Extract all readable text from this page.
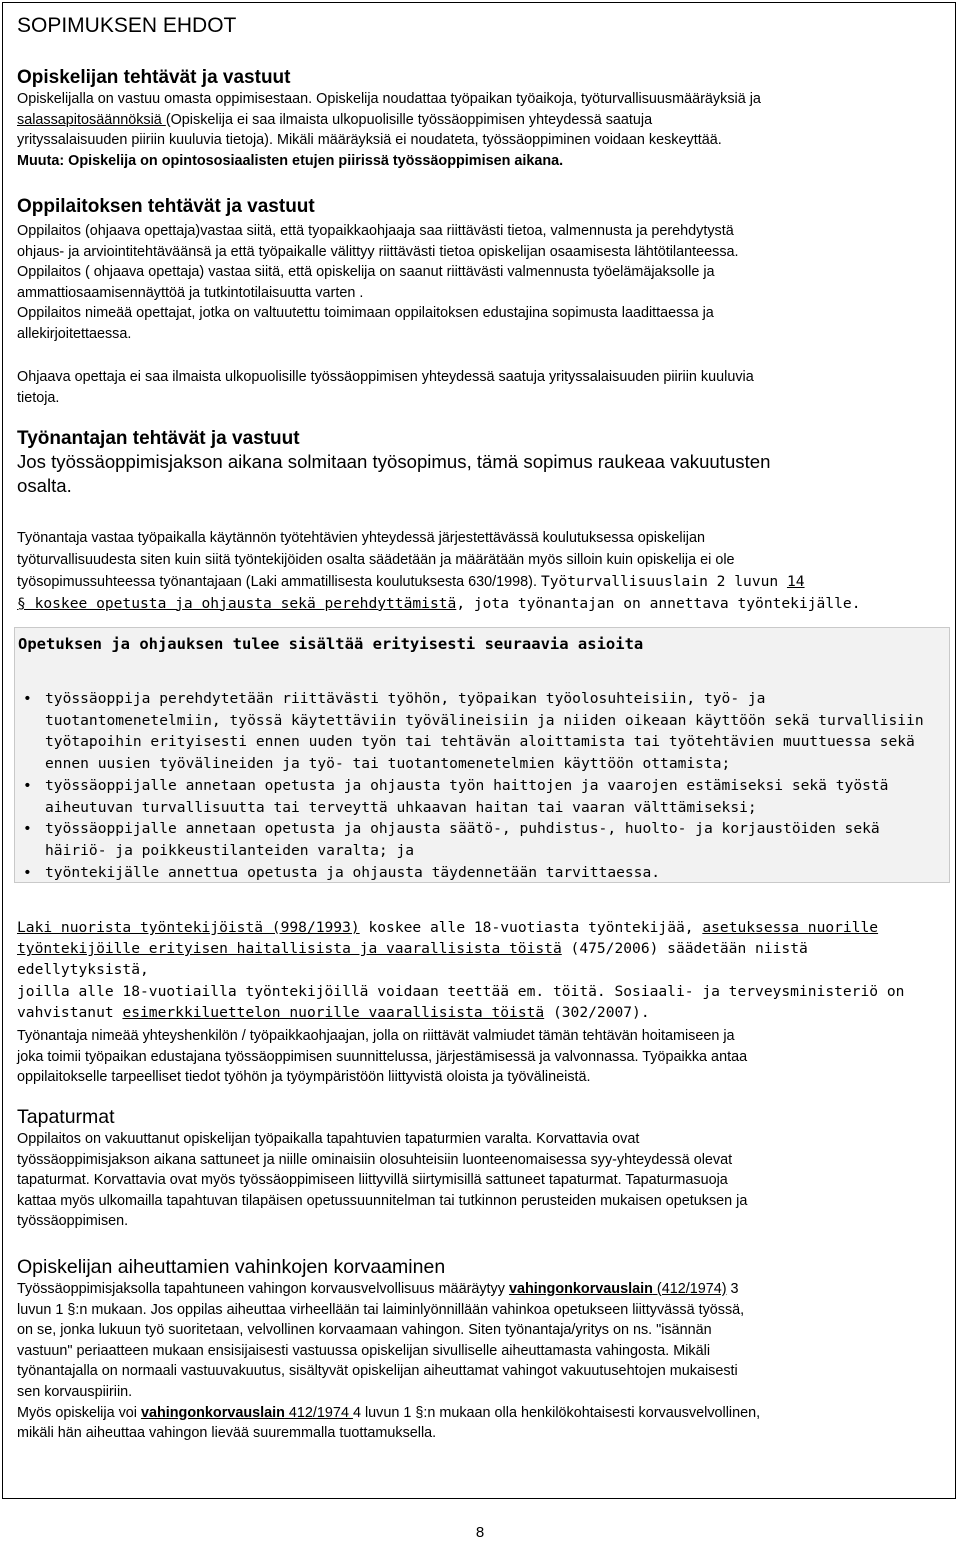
SOPIMUKSEN EHDOT
Opiskelijan tehtävät ja vastuut

Opiskelijalla on vastuu omasta oppimisestaan. Opiskelija noudattaa työpaikan työaikoja, työturvallisuusmääräyksiä ja

salassapitosäännöksiä (Opiskelija ei saa ilmaista ulkopuolisille työssäoppimisen yhteydessä saatuja

yrityssalaisuuden piiriin kuuluvia tietoja). Mikäli määräyksiä ei noudateta, työssäoppiminen voidaan keskeyttää.

Muuta: Opiskelija on opintososiaalisten etujen piirissä työssäoppimisen aikana.

Oppilaitoksen tehtävät ja vastuut

Oppilaitos (ohjaava opettaja)vastaa siitä, että tyopaikkaohjaaja saa riittävästi tietoa, valmennusta ja perehdytystä

ohjaus- ja arviointitehtäväänsä ja että työpaikalle välittyy riittävästi tietoa opiskelijan osaamisesta lähtötilanteessa.

Oppilaitos ( ohjaava opettaja) vastaa siitä, että opiskelija on saanut riittävästi valmennusta työelämäjaksolle ja

ammattiosaamisennäyttöä ja tutkintotilaisuutta varten .

Oppilaitos nimeää opettajat, jotka on valtuutettu toimimaan oppilaitoksen edustajina sopimusta laadittaessa ja

allekirjoitettaessa.

Ohjaava opettaja ei saa ilmaista ulkopuolisille työssäoppimisen yhteydessä saatuja yrityssalaisuuden piiriin kuuluvia

tietoja.

Työnantajan tehtävät ja vastuut

Jos työssäoppimisjakson aikana solmitaan työsopimus, tämä sopimus raukeaa vakuutusten

osalta.

Työnantaja vastaa työpaikalla käytännön työtehtävien yhteydessä järjestettävässä koulutuksessa opiskelijan

työturvallisuudesta siten kuin siitä työntekijöiden osalta säädetään ja määrätään myös silloin kuin opiskelija ei ole

työsopimussuhteessa työnantajaan (Laki ammatillisesta koulutuksesta 630/1998). Työturvallisuuslain 2 luvun 14

§ koskee opetusta ja ohjausta sekä perehdyttämistä, jota työnantajan on annettava työntekijälle.

Opetuksen ja ohjauksen tulee sisältää erityisesti seuraavia asioita
• työssäoppija perehdytetään riittävästi työhön, työpaikan työolosuhteisiin, työ- ja
tuotantomenetelmiin, työssä käytettäviin työvälineisiin ja niiden oikeaan käyttöön sekä turvallisiin
työtapoihin erityisesti ennen uuden työn tai tehtävän aloittamista tai työtehtävien muuttuessa sekä
ennen uusien työvälineiden ja työ- tai tuotantomenetelmien käyttöön ottamista;
• työssäoppijalle annetaan opetusta ja ohjausta työn haittojen ja vaarojen estämiseksi sekä työstä
aiheutuvan turvallisuutta tai terveyttä uhkaavan haitan tai vaaran välttämiseksi;
• työssäoppijalle annetaan opetusta ja ohjausta säätö-, puhdistus-, huolto- ja korjaustöiden sekä
häiriö- ja poikkeustilanteiden varalta; ja
• työntekijälle annettua opetusta ja ohjausta täydennetään tarvittaessa.
Laki nuorista työntekijöistä (998/1993) koskee alle 18-vuotiasta työntekijää, asetuksessa nuorille
työntekijöille erityisen haitallisista ja vaarallisista töistä (475/2006) säädetään niistä edellytyksistä,
joilla alle 18-vuotiailla työntekijöillä voidaan teettää em. töitä. Sosiaali- ja terveysministeriö on
vahvistanut esimerkkiluettelon nuorille vaarallisista töistä (302/2007).

Työnantaja nimeää yhteyshenkilön / työpaikkaohjaajan, jolla on riittävät valmiudet tämän tehtävän hoitamiseen ja

joka toimii työpaikan edustajana työssäoppimisen suunnittelussa, järjestämisessä ja valvonnassa. Työpaikka antaa

oppilaitokselle tarpeelliset tiedot työhön ja työympäristöön liittyvistä oloista ja työvälineistä.

Tapaturmat

Oppilaitos on vakuuttanut opiskelijan työpaikalla tapahtuvien tapaturmien varalta. Korvattavia ovat

työssäoppimisjakson aikana sattuneet ja niille ominaisiin olosuhteisiin luonteenomaisessa syy-yhteydessä olevat

tapaturmat. Korvattavia ovat myös työssäoppimiseen liittyvillä siirtymisillä sattuneet tapaturmat. Tapaturmasuoja

kattaa myös ulkomailla tapahtuvan tilapäisen opetussuunnitelman tai tutkinnon perusteiden mukaisen opetuksen ja

työssäoppimisen.

Opiskelijan aiheuttamien vahinkojen korvaaminen

Työssäoppimisjaksolla tapahtuneen vahingon korvausvelvollisuus määräytyy vahingonkorvauslain (412/1974) 3

luvun 1 §:n mukaan. Jos oppilas aiheuttaa virheellään tai laiminlyönnillään vahinkoa opetukseen liittyvässä työssä,

on se, jonka lukuun työ suoritetaan, velvollinen korvaamaan vahingon. Siten työnantaja/yritys on ns. "isännän

vastuun" periaatteen mukaan ensisijaisesti vastuussa opiskelijan sivulliselle aiheuttamasta vahingosta. Mikäli

työnantajalla on normaali vastuuvakuutus, sisältyvät opiskelijan aiheuttamat vahingot vakuutusehtojen mukaisesti

sen korvauspiiriin.

Myös opiskelija voi vahingonkorvauslain 412/1974 4 luvun 1 §:n mukaan olla henkilökohtaisesti korvausvelvollinen,

mikäli hän aiheuttaa vahingon lievää suuremmalla tuottamuksella.

8
